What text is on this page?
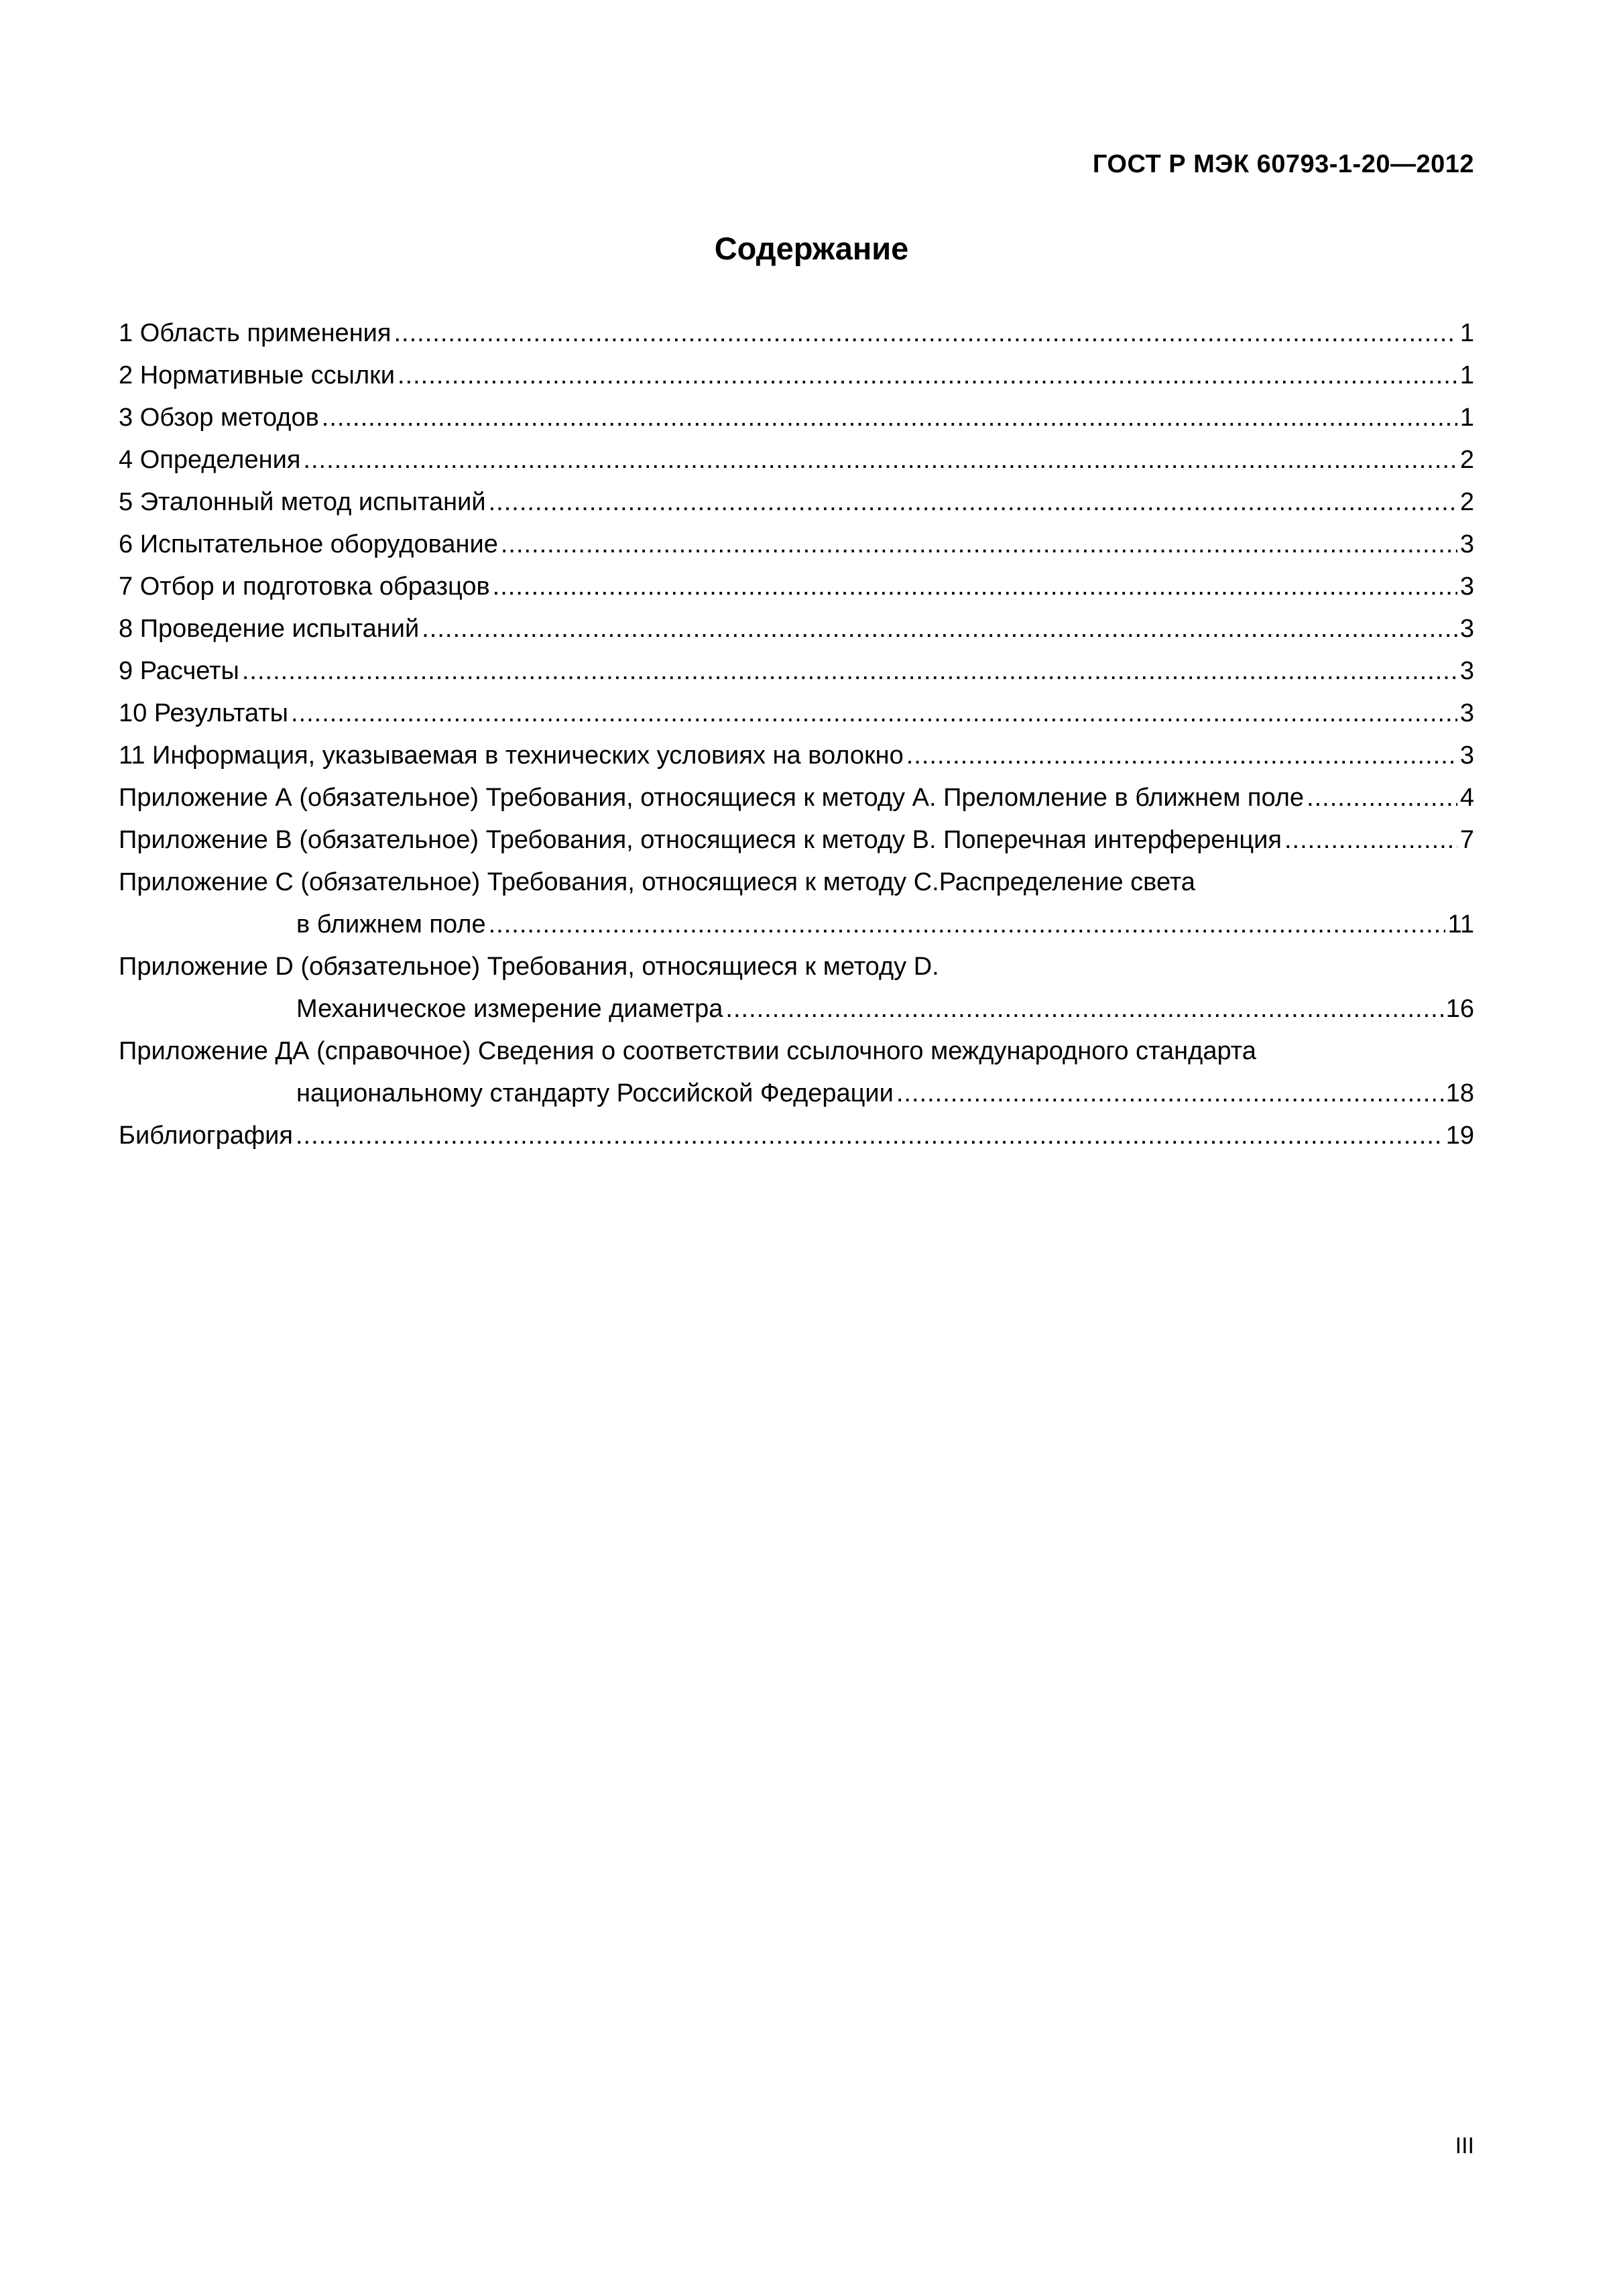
ГОСТ Р МЭК 60793-1-20—2012
Содержание
1 Область применения .....	1
2 Нормативные ссылки .....	1
3 Обзор методов .....	1
4 Определения .....	2
5 Эталонный метод испытаний .....	2
6 Испытательное оборудование .....	3
7 Отбор и подготовка образцов .....	3
8 Проведение испытаний .....	3
9 Расчеты .....	3
10 Результаты .....	3
11 Информация, указываемая в технических условиях на волокно .....	3
Приложение А (обязательное) Требования, относящиеся к методу А. Преломление в ближнем поле .....	4
Приложение В (обязательное) Требования, относящиеся к методу В. Поперечная интерференция .....	7
Приложение С (обязательное) Требования, относящиеся к методу С.Распределение света
в ближнем поле .....	11
Приложение D (обязательное) Требования, относящиеся к методу D.
Механическое измерение диаметра .....	16
Приложение ДА (справочное) Сведения о соответствии ссылочного международного стандарта
национальному стандарту Российской Федерации .....	18
Библиография .....	19
III
